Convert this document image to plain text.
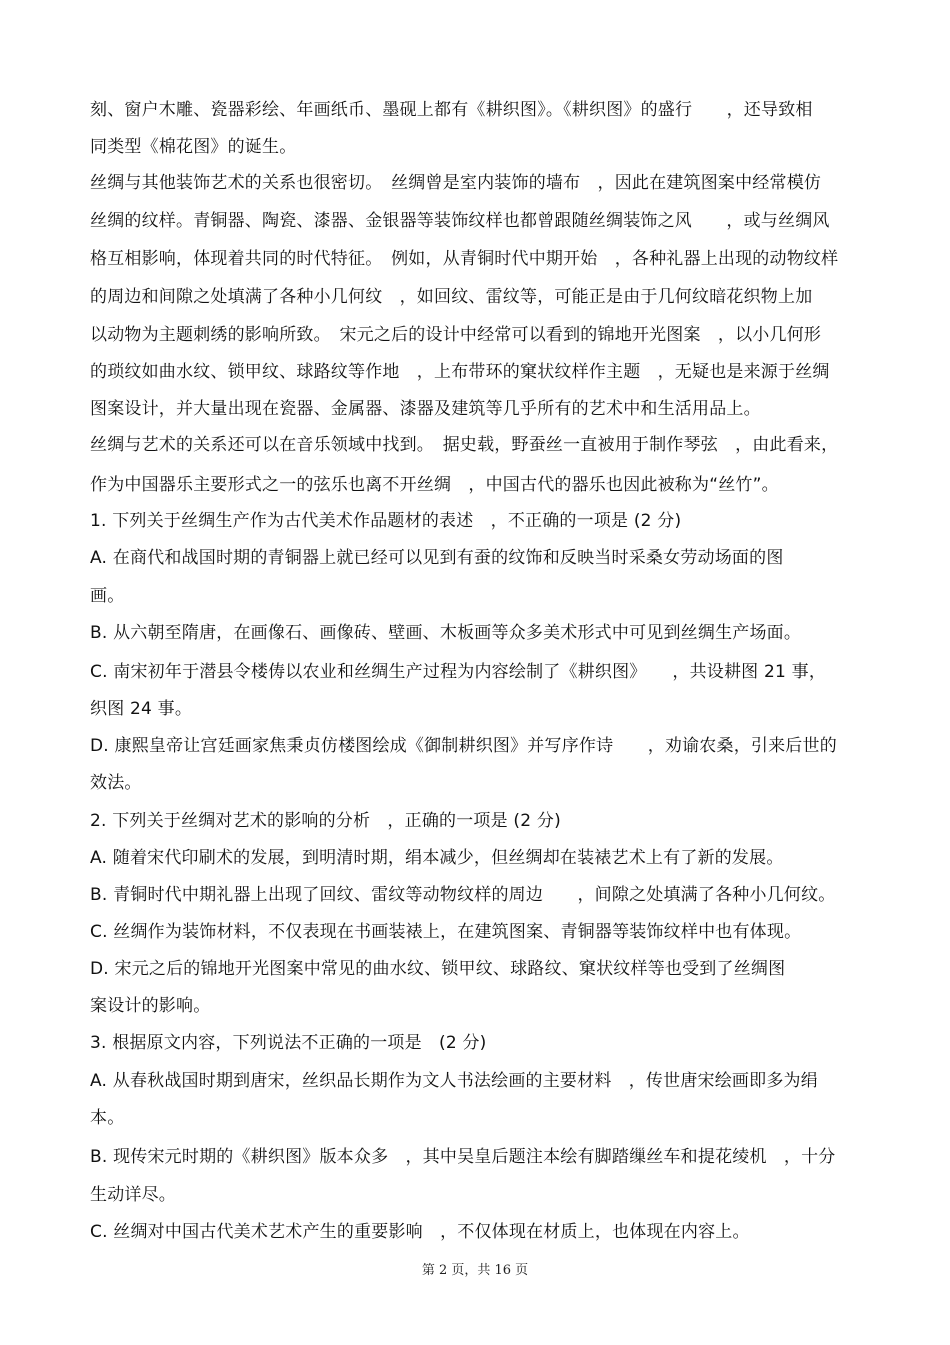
刻、窗户木雕、瓷器彩绘、年画纸币、墨砚上都有《耕织图》。《耕织图》的盛行　　，还导致相
同类型《棉花图》的诞生。
丝绸与其他装饰艺术的关系也很密切。　丝绸曾是室内装饰的墙布　，因此在建筑图案中经常模仿
丝绸的纹样。青铜器、陶瓷、漆器、金银器等装饰纹样也都曾跟随丝绸装饰之风　　，或与丝绸风
格互相影响，体现着共同的时代特征。　例如，从青铜时代中期开始　，各种礼器上出现的动物纹样
的周边和间隙之处填满了各种小几何纹　，如回纹、雷纹等，可能正是由于几何纹暗花织物上加
以动物为主题刺绣的影响所致。　宋元之后的设计中经常可以看到的锦地开光图案　，以小几何形
的琐纹如曲水纹、锁甲纹、球路纹等作地　，上布带环的窠状纹样作主题　，无疑也是来源于丝绸
图案设计，并大量出现在瓷器、金属器、漆器及建筑等几乎所有的艺术中和生活用品上。
丝绸与艺术的关系还可以在音乐领域中找到。　据史载，野蚕丝一直被用于制作琴弦　，由此看来，
作为中国器乐主要形式之一的弦乐也离不开丝绸　，中国古代的器乐也因此被称为“丝竹”。
1. 下列关于丝绸生产作为古代美术作品题材的表述　，不正确的一项是 (2 分)
A. 在商代和战国时期的青铜器上就已经可以见到有蚕的纹饰和反映当时采桑女劳动场面的图
画。
B. 从六朝至隋唐，在画像石、画像砖、壁画、木板画等众多美术形式中可见到丝绸生产场面。
C. 南宋初年于潜县令楼俦以农业和丝绸生产过程为内容绘制了《耕织图》　　，共设耕图 21 事，
织图 24 事。
D. 康熙皇帝让宫廷画家焦秉贞仿楼图绘成《御制耕织图》并写序作诗　　，劝谕农桑，引来后世的
效法。
2. 下列关于丝绸对艺术的影响的分析　，正确的一项是 (2 分)
A. 随着宋代印刷术的发展，到明清时期，绢本减少，但丝绸却在装裱艺术上有了新的发展。
B. 青铜时代中期礼器上出现了回纹、雷纹等动物纹样的周边　　，间隙之处填满了各种小几何纹。
C. 丝绸作为装饰材料，不仅表现在书画装裱上，在建筑图案、青铜器等装饰纹样中也有体现。
D. 宋元之后的锦地开光图案中常见的曲水纹、锁甲纹、球路纹、窠状纹样等也受到了丝绸图
案设计的影响。
3. 根据原文内容，下列说法不正确的一项是　(2 分)
A. 从春秋战国时期到唐宋，丝织品长期作为文人书法绘画的主要材料　，传世唐宋绘画即多为绢
本。
B. 现传宋元时期的《耕织图》版本众多　，其中吴皇后题注本绘有脚踏缫丝车和提花绫机　，十分
生动详尽。
C. 丝绸对中国古代美术艺术产生的重要影响　，不仅体现在材质上，也体现在内容上。
第 2 页，共 16 页
